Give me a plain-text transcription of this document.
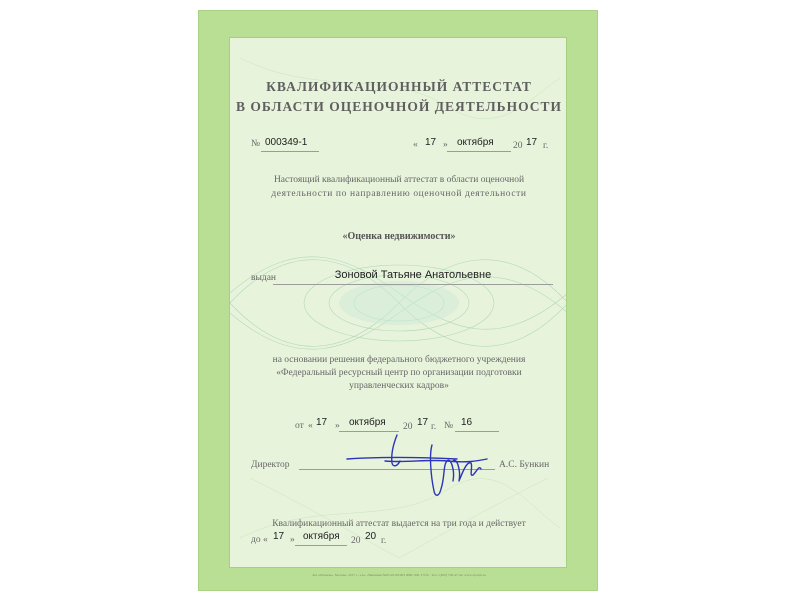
КВАЛИФИКАЦИОННЫЙ АТТЕСТАТ
В ОБЛАСТИ ОЦЕНОЧНОЙ ДЕЯТЕЛЬНОСТИ
№ 000349-1	« 17 » октября 20 17 г.
Настоящий квалификационный аттестат в области оценочной
деятельности по направлению оценочной деятельности
«Оценка недвижимости»
выдан	Зоновой Татьяне Анатольевне
на основании решения федерального бюджетного учреждения
«Федеральный ресурсный центр по организации подготовки
управленческих кадров»
от « 17 » октября 20 17 г. № 16
Директор	А.С. Бункин
Квалификационный аттестат выдается на три года и действует
до « 17 » октября 20 20 г.
АО «Опцион», Москва, 2017 г., «А». Лицензия №05-05-09/003 ФНС РФ, ТЗ № . Тел.: (495) 726-47-42, www.opcion.ru
